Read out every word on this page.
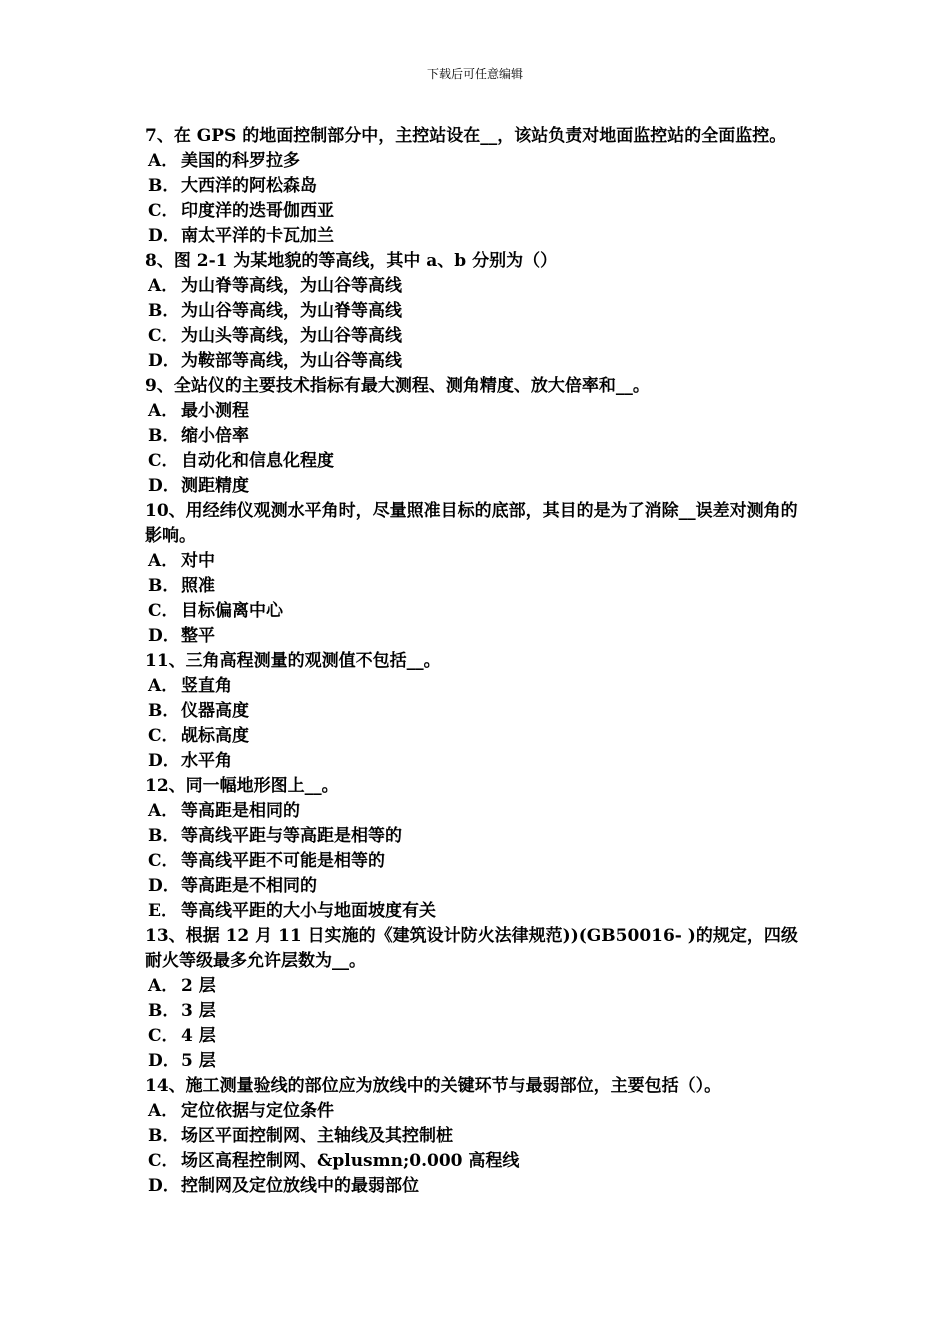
下载后可任意编辑

7、在 GPS 的地面控制部分中，主控站设在__，该站负责对地面监控站的全面监控。

A． 美国的科罗拉多

B．大西洋的阿松森岛

C． 印度洋的迭哥伽西亚

D．南太平洋的卡瓦加兰

8、图 2-1 为某地貌的等高线，其中 a、b 分别为（）

A． 为山脊等高线，为山谷等高线

B．为山谷等高线，为山脊等高线

C． 为山头等高线，为山谷等高线

D．为鞍部等高线，为山谷等高线

9、全站仪的主要技术指标有最大测程、测角精度、放大倍率和__。

A． 最小测程

B．缩小倍率

C． 自动化和信息化程度

D．测距精度

10、用经纬仪观测水平角时，尽量照准目标的底部，其目的是为了消除__误差对测角的影响。

A． 对中

B．照准

C． 目标偏离中心

D．整平

11、三角高程测量的观测值不包括__。

A． 竖直角

B．仪器高度

C． 觇标高度

D．水平角

12、同一幅地形图上__。

A． 等高距是相同的

B．等高线平距与等高距是相等的

C． 等高线平距不可能是相等的

D．等高距是不相同的

E． 等高线平距的大小与地面坡度有关

13、根据 12 月 11 日实施的《建筑设计防火法律规范))(GB50016- )的规定，四级耐火等级最多允许层数为__。

A． 2 层

B．3 层

C． 4 层

D．5 层

14、施工测量验线的部位应为放线中的关键环节与最弱部位，主要包括（）。

A． 定位依据与定位条件

B．场区平面控制网、主轴线及其控制桩

C． 场区高程控制网、&plusmn;0.000 高程线

D．控制网及定位放线中的最弱部位
